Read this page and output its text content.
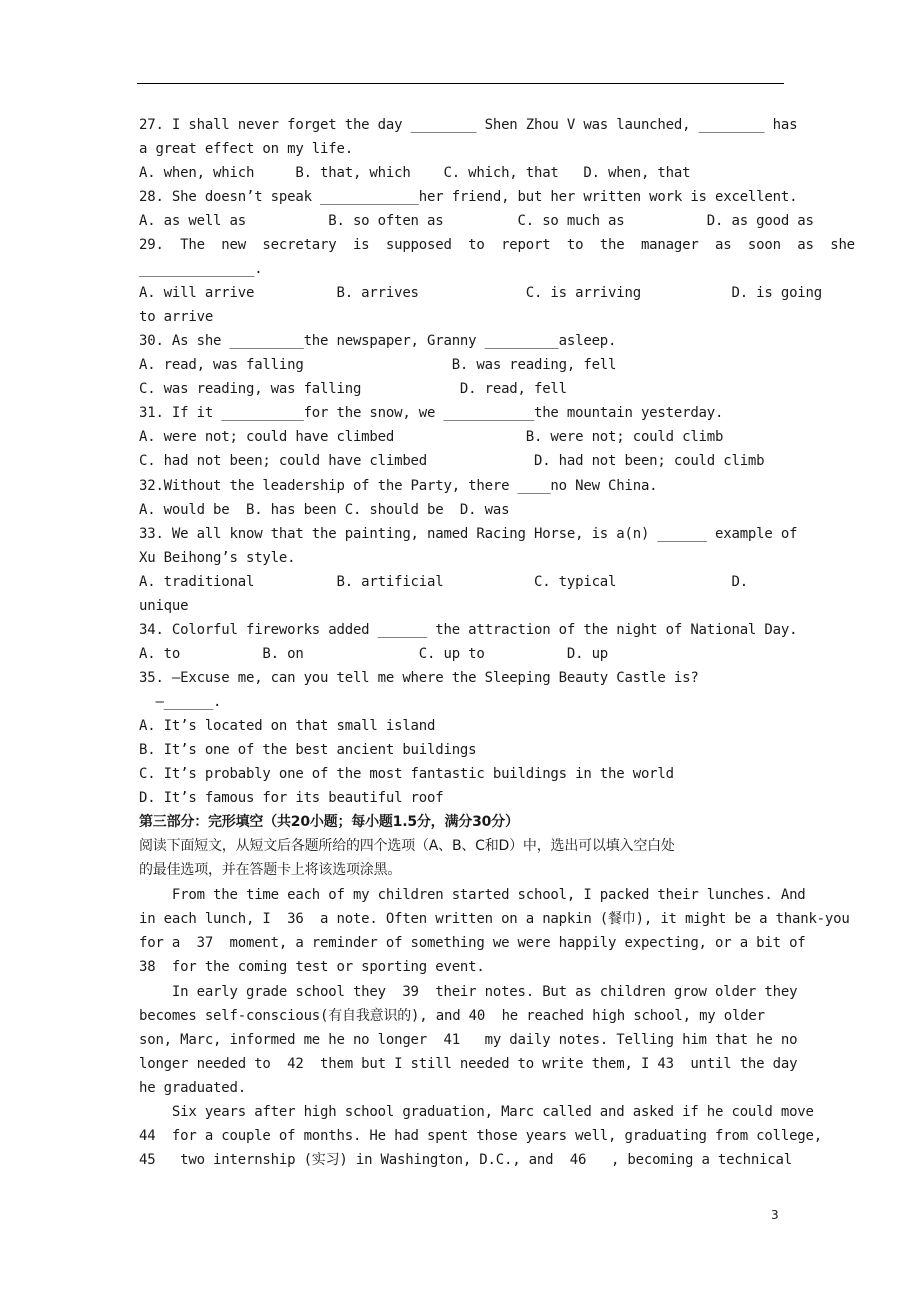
27. I shall never forget the day ________ Shen Zhou V was launched, ________ has
a great effect on my life.
A. when, which     B. that, which    C. which, that   D. when, that
28. She doesn’t speak ____________her friend, but her written work is excellent.
A. as well as          B. so often as         C. so much as          D. as good as
29.  The  new  secretary  is  supposed  to  report  to  the  manager  as  soon  as  she
______________.
A. will arrive          B. arrives             C. is arriving           D. is going
to arrive
30. As she _________the newspaper, Granny _________asleep.
A. read, was falling                  B. was reading, fell
C. was reading, was falling            D. read, fell
31. If it __________for the snow, we ___________the mountain yesterday.
A. were not; could have climbed                B. were not; could climb
C. had not been; could have climbed             D. had not been; could climb
32.Without the leadership of the Party, there ____no New China.
A. would be  B. has been C. should be  D. was
33. We all know that the painting, named Racing Horse, is a(n) ______ example of
Xu Beihong’s style.
A. traditional          B. artificial           C. typical              D.
unique
34. Colorful fireworks added ______ the attraction of the night of National Day.
A. to          B. on              C. up to          D. up
35. —Excuse me, can you tell me where the Sleeping Beauty Castle is?
—______.
A. It’s located on that small island
B. It’s one of the best ancient buildings
C. It’s probably one of the most fantastic buildings in the world
D. It’s famous for its beautiful roof
第三部分：完形填空（共20小题；每小题1.5分，满分30分）
阅读下面短文，从短文后各题所给的四个选项（A、B、C和D）中，选出可以填入空白处
的最佳选项，并在答题卡上将该选项涂黑。
From the time each of my children started school, I packed their lunches. And
in each lunch, I  36  a note. Often written on a napkin (餐巾), it might be a thank-you
for a  37  moment, a reminder of something we were happily expecting, or a bit of
38  for the coming test or sporting event.
In early grade school they  39  their notes. But as children grow older they
becomes self-conscious(有自我意识的), and 40  he reached high school, my older
son, Marc, informed me he no longer  41   my daily notes. Telling him that he no
longer needed to  42  them but I still needed to write them, I 43  until the day
he graduated.
Six years after high school graduation, Marc called and asked if he could move
44  for a couple of months. He had spent those years well, graduating from college,
45   two internship (实习) in Washington, D.C., and  46   , becoming a technical
3
